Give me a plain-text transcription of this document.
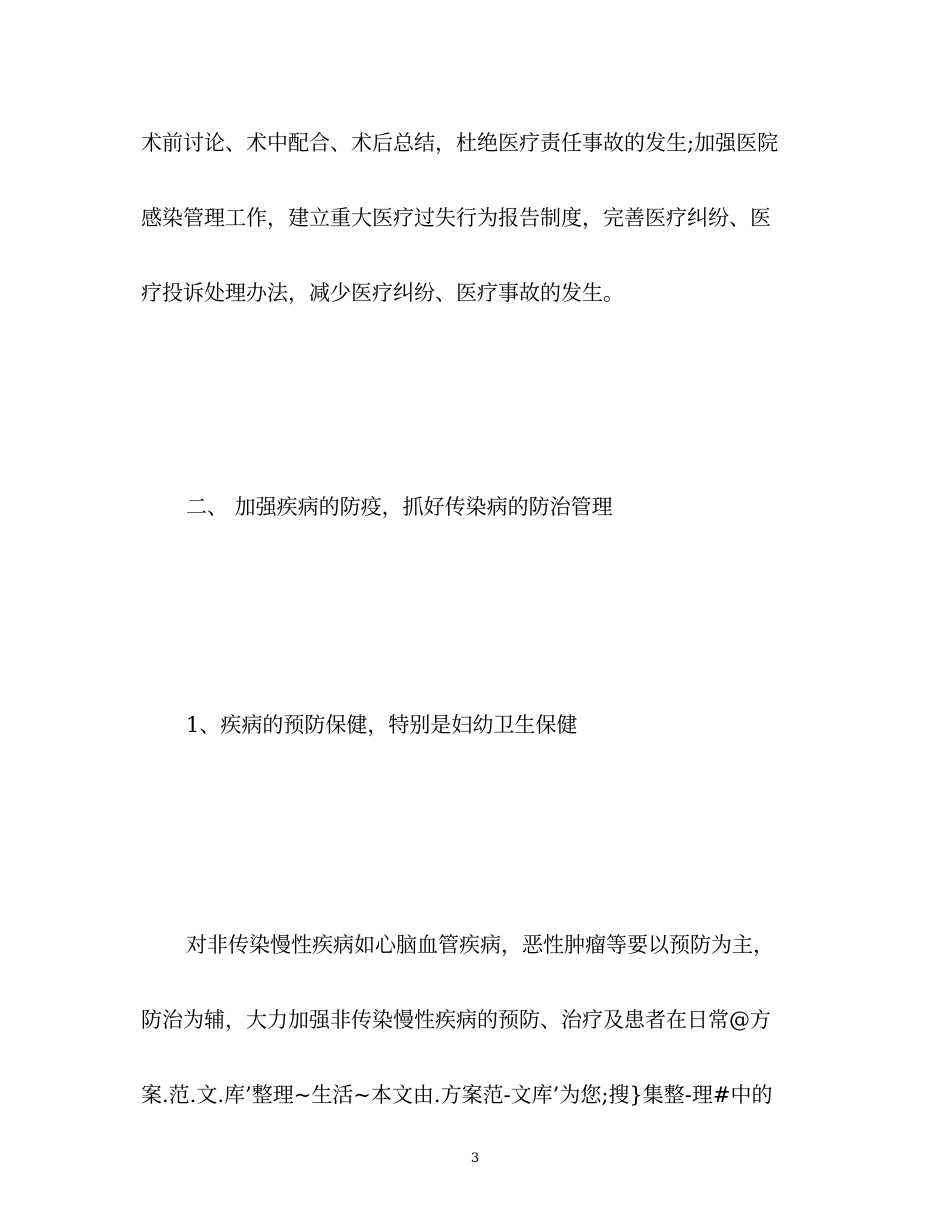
术前讨论、术中配合、术后总结，杜绝医疗责任事故的发生;加强医院
感染管理工作，建立重大医疗过失行为报告制度，完善医疗纠纷、医
疗投诉处理办法，减少医疗纠纷、医疗事故的发生。
二、 加强疾病的防疫，抓好传染病的防治管理
1、疾病的预防保健，特别是妇幼卫生保健
对非传染慢性疾病如心脑血管疾病，恶性肿瘤等要以预防为主，
防治为辅，大力加强非传染慢性疾病的预防、治疗及患者在日常@方
案.范.文.库’整理~生活~本文由.方案范-文库’为您;搜}集整-理#中的
3
